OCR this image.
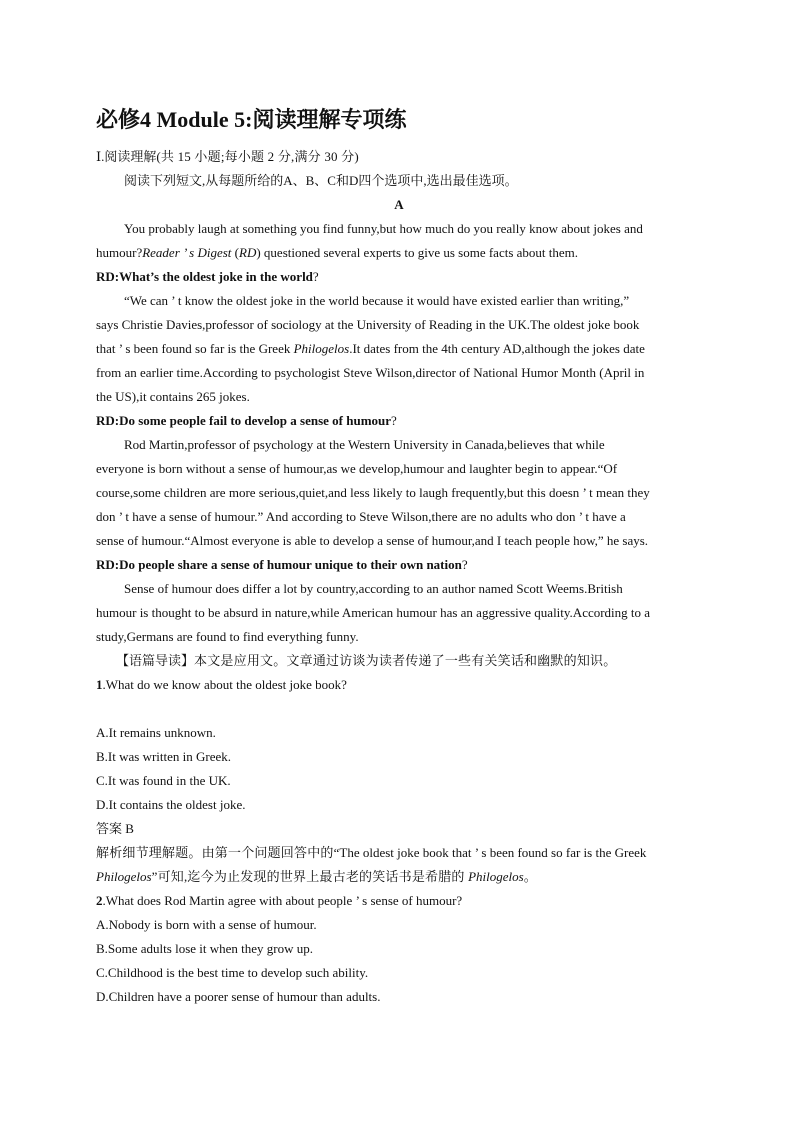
必修4 Module 5:阅读理解专项练
Ⅰ.阅读理解(共 15 小题;每小题 2 分,满分 30 分)
阅读下列短文,从每题所给的A、B、C和D四个选项中,选出最佳选项。
A
You probably laugh at something you find funny,but how much do you really know about jokes and
humour?Reader ’ s Digest (RD) questioned several experts to give us some facts about them.
RD:What’s the oldest joke in the world?
“We can ’ t know the oldest joke in the world because it would have existed earlier than writing,”
says Christie Davies,professor of sociology at the University of Reading in the UK.The oldest joke book
that ’ s been found so far is the Greek Philogelos.It dates from the 4th century AD,although the jokes date
from an earlier time.According to psychologist Steve Wilson,director of National Humor Month (April in
the US),it contains 265 jokes.
RD:Do some people fail to develop a sense of humour?
Rod Martin,professor of psychology at the Western University in Canada,believes that while
everyone is born without a sense of humour,as we develop,humour and laughter begin to appear.“Of
course,some children are more serious,quiet,and less likely to laugh frequently,but this doesn ’ t mean they
don ’ t have a sense of humour.” And according to Steve Wilson,there are no adults who don ’ t have a
sense of humour.“Almost everyone is able to develop a sense of humour,and I teach people how,” he says.
RD:Do people share a sense of humour unique to their own nation?
Sense of humour does differ a lot by country,according to an author named Scott Weems.British
humour is thought to be absurd in nature,while American humour has an aggressive quality.According to a
study,Germans are found to find everything funny.
【语篇导读】本文是应用文。文章通过访谈为读者传递了一些有关笑话和幽默的知识。
1.What do we know about the oldest joke book?
A.It remains unknown.
B.It was written in Greek.
C.It was found in the UK.
D.It contains the oldest joke.
答案 B
解析细节理解题。由第一个问题回答中的“The oldest joke book that ’ s been found so far is the Greek
Philogelos”可知,迄今为止发现的世界上最古老的笑话书是希腊的 Philogelos。
2.What does Rod Martin agree with about people ’ s sense of humour?
A.Nobody is born with a sense of humour.
B.Some adults lose it when they grow up.
C.Childhood is the best time to develop such ability.
D.Children have a poorer sense of humour than adults.
